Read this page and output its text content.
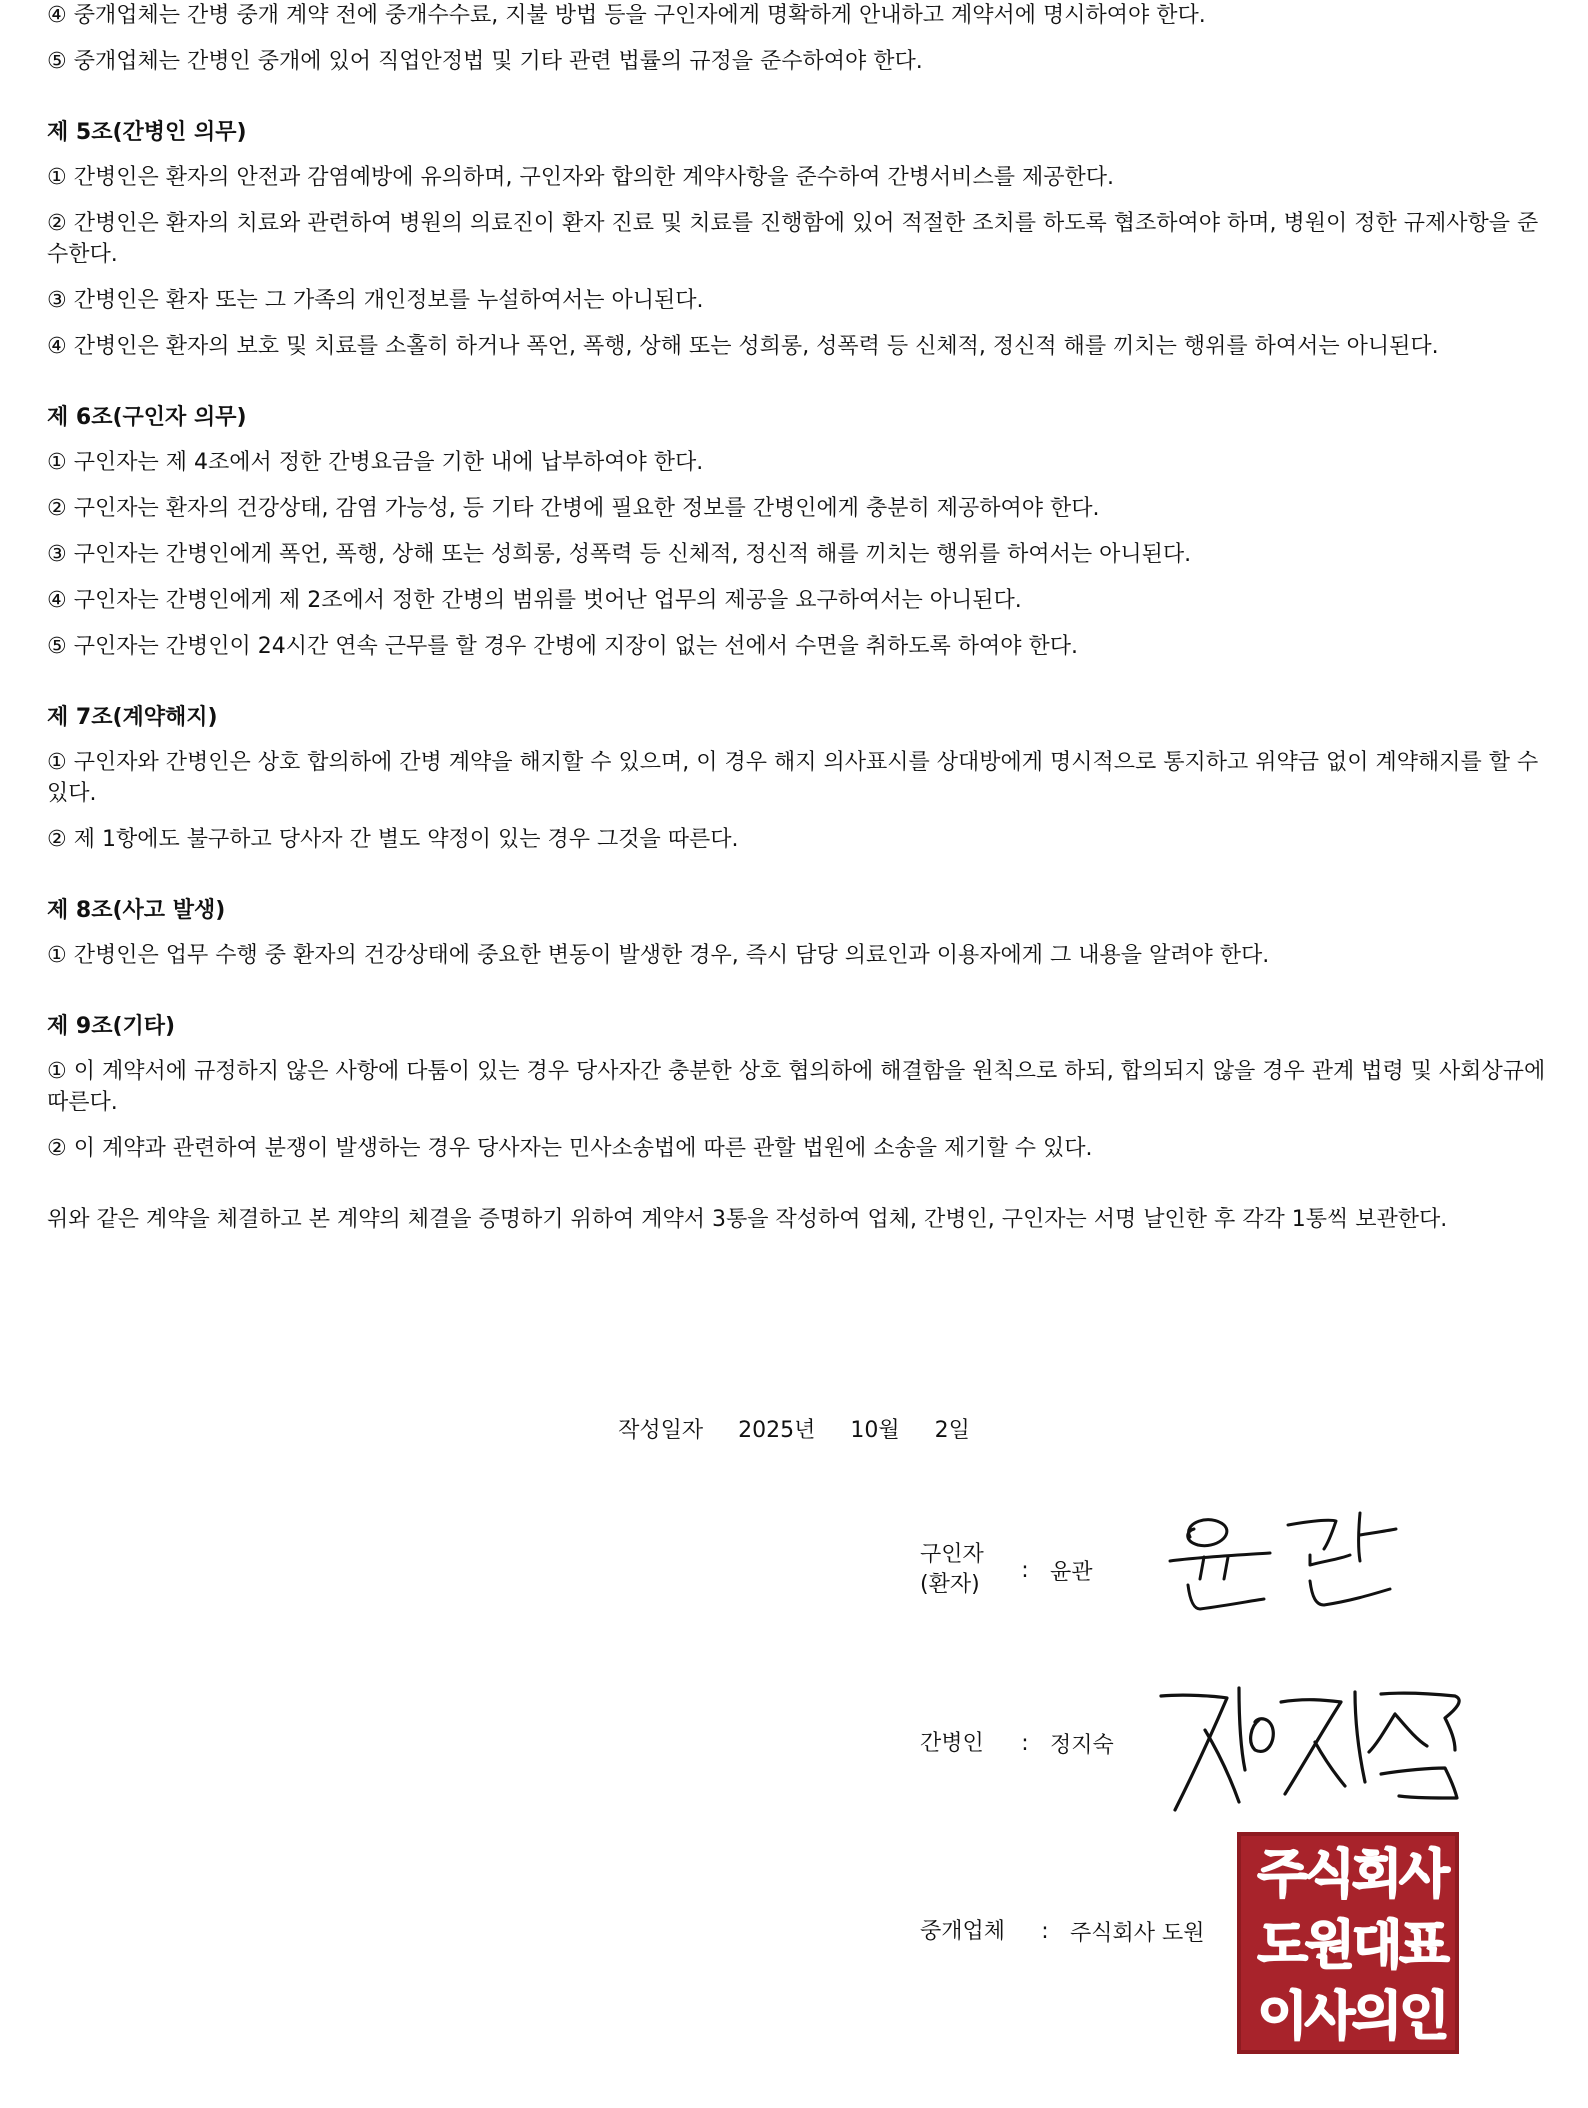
④ 중개업체는 간병 중개 계약 전에 중개수수료, 지불 방법 등을 구인자에게 명확하게 안내하고 계약서에 명시하여야 한다.

⑤ 중개업체는 간병인 중개에 있어 직업안정법 및 기타 관련 법률의 규정을 준수하여야 한다.

제 5조(간병인 의무)

① 간병인은 환자의 안전과 감염예방에 유의하며, 구인자와 합의한 계약사항을 준수하여 간병서비스를 제공한다.

② 간병인은 환자의 치료와 관련하여 병원의 의료진이 환자 진료 및 치료를 진행함에 있어 적절한 조치를 하도록 협조하여야 하며, 병원이 정한 규제사항을 준수한다.

③ 간병인은 환자 또는 그 가족의 개인정보를 누설하여서는 아니된다.

④ 간병인은 환자의 보호 및 치료를 소홀히 하거나 폭언, 폭행, 상해 또는 성희롱, 성폭력 등 신체적, 정신적 해를 끼치는 행위를 하여서는 아니된다.

제 6조(구인자 의무)

① 구인자는 제 4조에서 정한 간병요금을 기한 내에 납부하여야 한다.

② 구인자는 환자의 건강상태, 감염 가능성, 등 기타 간병에 필요한 정보를 간병인에게 충분히 제공하여야 한다.

③ 구인자는 간병인에게 폭언, 폭행, 상해 또는 성희롱, 성폭력 등 신체적, 정신적 해를 끼치는 행위를 하여서는 아니된다.

④ 구인자는 간병인에게 제 2조에서 정한 간병의 범위를 벗어난 업무의 제공을 요구하여서는 아니된다.

⑤ 구인자는 간병인이 24시간 연속 근무를 할 경우 간병에 지장이 없는 선에서 수면을 취하도록 하여야 한다.

제 7조(계약해지)

① 구인자와 간병인은 상호 합의하에 간병 계약을 해지할 수 있으며, 이 경우 해지 의사표시를 상대방에게 명시적으로 통지하고 위약금 없이 계약해지를 할 수 있다.

② 제 1항에도 불구하고 당사자 간 별도 약정이 있는 경우 그것을 따른다.

제 8조(사고 발생)

① 간병인은 업무 수행 중 환자의 건강상태에 중요한 변동이 발생한 경우, 즉시 담당 의료인과 이용자에게 그 내용을 알려야 한다.

제 9조(기타)

① 이 계약서에 규정하지 않은 사항에 다툼이 있는 경우 당사자간 충분한 상호 협의하에 해결함을 원칙으로 하되, 합의되지 않을 경우 관계 법령 및 사회상규에 따른다.

② 이 계약과 관련하여 분쟁이 발생하는 경우 당사자는 민사소송법에 따른 관할 법원에 소송을 제기할 수 있다.

위와 같은 계약을 체결하고 본 계약의 체결을 증명하기 위하여 계약서 3통을 작성하여 업체, 간병인, 구인자는 서명 날인한 후 각각 1통씩 보관한다.

작성일자 2025년 10월 2일
구인자
(환자)
: 윤관
간병인	: 정지숙
중개업체	: 주식회사 도원
주식회사
도원대표
이사의인
